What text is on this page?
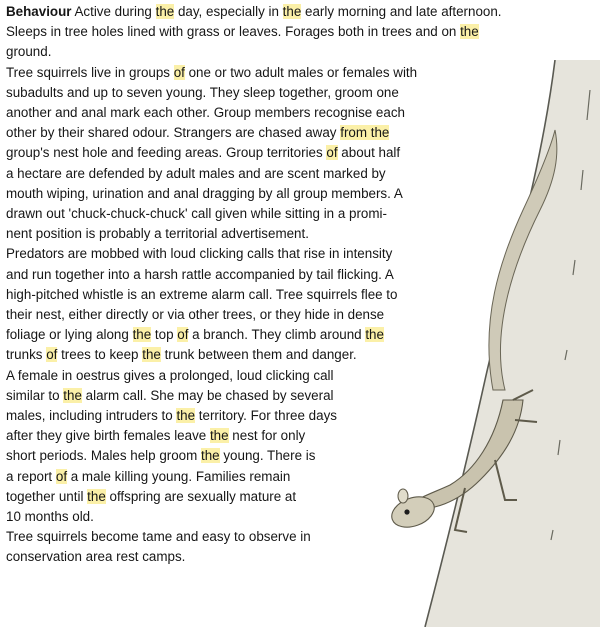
Behaviour Active during the day, especially in the early morning and late afternoon.
Sleeps in tree holes lined with grass or leaves. Forages both in trees and on the
ground.
Tree squirrels live in groups of one or two adult males or females with
subadults and up to seven young. They sleep together, groom one
another and anal mark each other. Group members recognise each
other by their shared odour. Strangers are chased away from the
group's nest hole and feeding areas. Group territories of about half
a hectare are defended by adult males and are scent marked by
mouth wiping, urination and anal dragging by all group members. A
drawn out 'chuck-chuck-chuck' call given while sitting in a promi-
nent position is probably a territorial advertisement.
Predators are mobbed with loud clicking calls that rise in intensity
and run together into a harsh rattle accompanied by tail flicking. A
high-pitched whistle is an extreme alarm call. Tree squirrels flee to
their nest, either directly or via other trees, or they hide in dense
foliage or lying along the top of a branch. They climb around the
trunks of trees to keep the trunk between them and danger.
A female in oestrus gives a prolonged, loud clicking call
similar to the alarm call. She may be chased by several
males, including intruders to the territory. For three days
after they give birth females leave the nest for only
short periods. Males help groom the young. There is
a report of a male killing young. Families remain
together until the offspring are sexually mature at
10 months old.
Tree squirrels become tame and easy to observe in
conservation area rest camps.
